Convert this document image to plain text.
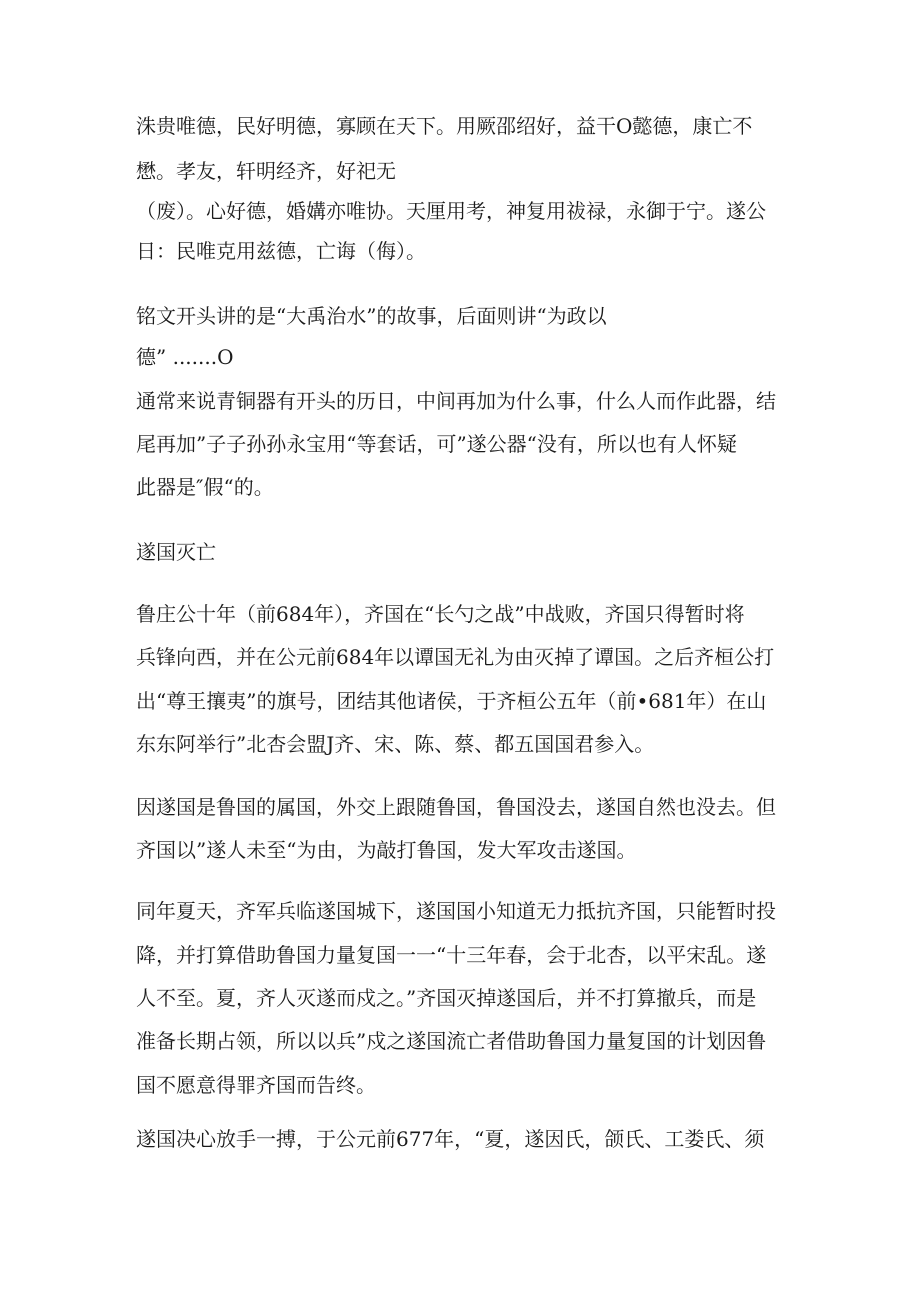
洙贵唯德，民好明德，寡顾在天下。用厥邵绍好，益干O懿德，康亡不
懋。孝友，轩明经齐，好祀无
（废）。心好德，婚媾亦唯协。天厘用考，神复用祓禄，永御于宁。遂公
日：民唯克用兹德，亡诲（侮）。
铭文开头讲的是“大禹治水”的故事，后面则讲“为政以
德” .......O
通常来说青铜器有开头的历日，中间再加为什么事，什么人而作此器，结
尾再加”子子孙孙永宝用“等套话，可”遂公器“没有，所以也有人怀疑
此器是″假“的。
遂国灭亡
鲁庄公十年（前684年），齐国在“长勺之战”中战败，齐国只得暂时将
兵锋向西，并在公元前684年以谭国无礼为由灭掉了谭国。之后齐桓公打
出“尊王攘夷”的旗号，团结其他诸侯，于齐桓公五年（前•681年）在山
东东阿举行”北杏会盟J齐、宋、陈、蔡、都五国国君参入。
因遂国是鲁国的属国，外交上跟随鲁国，鲁国没去，遂国自然也没去。但
齐国以”遂人未至“为由，为敲打鲁国，发大军攻击遂国。
同年夏天，齐军兵临遂国城下，遂国国小知道无力抵抗齐国，只能暂时投
降，并打算借助鲁国力量复国一一“十三年春，会于北杏，以平宋乱。遂
人不至。夏，齐人灭遂而戍之。”齐国灭掉遂国后，并不打算撤兵，而是
准备长期占领，所以以兵”戍之遂国流亡者借助鲁国力量复国的计划因鲁
国不愿意得罪齐国而告终。
遂国决心放手一搏，于公元前677年，“夏，遂因氏，颌氏、工娄氏、须
